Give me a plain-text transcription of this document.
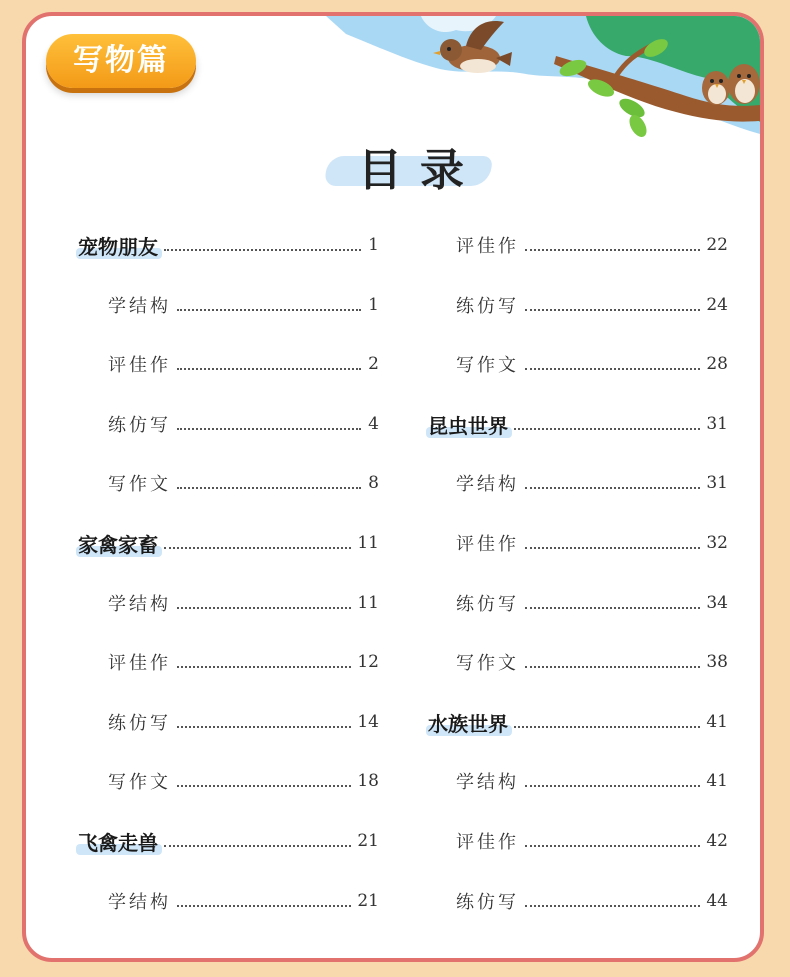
写物篇
目录
宠物朋友	1
学结构	1
评佳作	2
练仿写	4
写作文	8
家禽家畜	11
学结构	11
评佳作	12
练仿写	14
写作文	18
飞禽走兽	21
学结构	21
评佳作	22
练仿写	24
写作文	28
昆虫世界	31
学结构	31
评佳作	32
练仿写	34
写作文	38
水族世界	41
学结构	41
评佳作	42
练仿写	44
